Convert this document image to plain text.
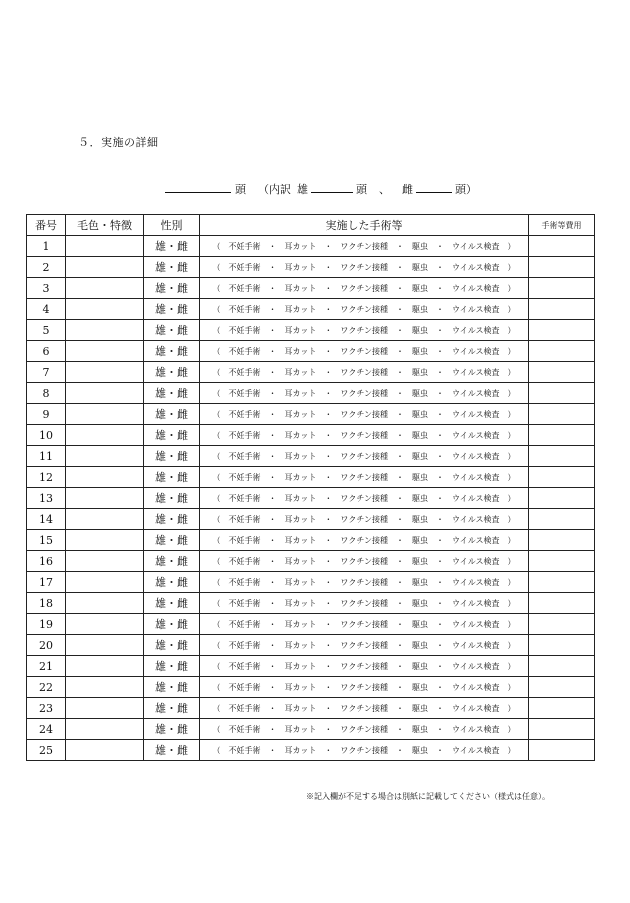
５．実施の詳細
頭 （内訳 雄	頭 、 雌	頭）
番号	毛色・特徴	性別	実施した手術等	手術等費用
1		雄・雌	（　不妊手術　・　耳カット　・　ワクチン接種　・　駆虫　・　ウイルス検査　）	
2		雄・雌	（　不妊手術　・　耳カット　・　ワクチン接種　・　駆虫　・　ウイルス検査　）	
3		雄・雌	（　不妊手術　・　耳カット　・　ワクチン接種　・　駆虫　・　ウイルス検査　）	
4		雄・雌	（　不妊手術　・　耳カット　・　ワクチン接種　・　駆虫　・　ウイルス検査　）	
5		雄・雌	（　不妊手術　・　耳カット　・　ワクチン接種　・　駆虫　・　ウイルス検査　）	
6		雄・雌	（　不妊手術　・　耳カット　・　ワクチン接種　・　駆虫　・　ウイルス検査　）	
7		雄・雌	（　不妊手術　・　耳カット　・　ワクチン接種　・　駆虫　・　ウイルス検査　）	
8		雄・雌	（　不妊手術　・　耳カット　・　ワクチン接種　・　駆虫　・　ウイルス検査　）	
9		雄・雌	（　不妊手術　・　耳カット　・　ワクチン接種　・　駆虫　・　ウイルス検査　）	
10		雄・雌	（　不妊手術　・　耳カット　・　ワクチン接種　・　駆虫　・　ウイルス検査　）	
11		雄・雌	（　不妊手術　・　耳カット　・　ワクチン接種　・　駆虫　・　ウイルス検査　）	
12		雄・雌	（　不妊手術　・　耳カット　・　ワクチン接種　・　駆虫　・　ウイルス検査　）	
13		雄・雌	（　不妊手術　・　耳カット　・　ワクチン接種　・　駆虫　・　ウイルス検査　）	
14		雄・雌	（　不妊手術　・　耳カット　・　ワクチン接種　・　駆虫　・　ウイルス検査　）	
15		雄・雌	（　不妊手術　・　耳カット　・　ワクチン接種　・　駆虫　・　ウイルス検査　）	
16		雄・雌	（　不妊手術　・　耳カット　・　ワクチン接種　・　駆虫　・　ウイルス検査　）	
17		雄・雌	（　不妊手術　・　耳カット　・　ワクチン接種　・　駆虫　・　ウイルス検査　）	
18		雄・雌	（　不妊手術　・　耳カット　・　ワクチン接種　・　駆虫　・　ウイルス検査　）	
19		雄・雌	（　不妊手術　・　耳カット　・　ワクチン接種　・　駆虫　・　ウイルス検査　）	
20		雄・雌	（　不妊手術　・　耳カット　・　ワクチン接種　・　駆虫　・　ウイルス検査　）	
21		雄・雌	（　不妊手術　・　耳カット　・　ワクチン接種　・　駆虫　・　ウイルス検査　）	
22		雄・雌	（　不妊手術　・　耳カット　・　ワクチン接種　・　駆虫　・　ウイルス検査　）	
23		雄・雌	（　不妊手術　・　耳カット　・　ワクチン接種　・　駆虫　・　ウイルス検査　）	
24		雄・雌	（　不妊手術　・　耳カット　・　ワクチン接種　・　駆虫　・　ウイルス検査　）	
25		雄・雌	（　不妊手術　・　耳カット　・　ワクチン接種　・　駆虫　・　ウイルス検査　）	
※記入欄が不足する場合は別紙に記載してください（様式は任意）。
